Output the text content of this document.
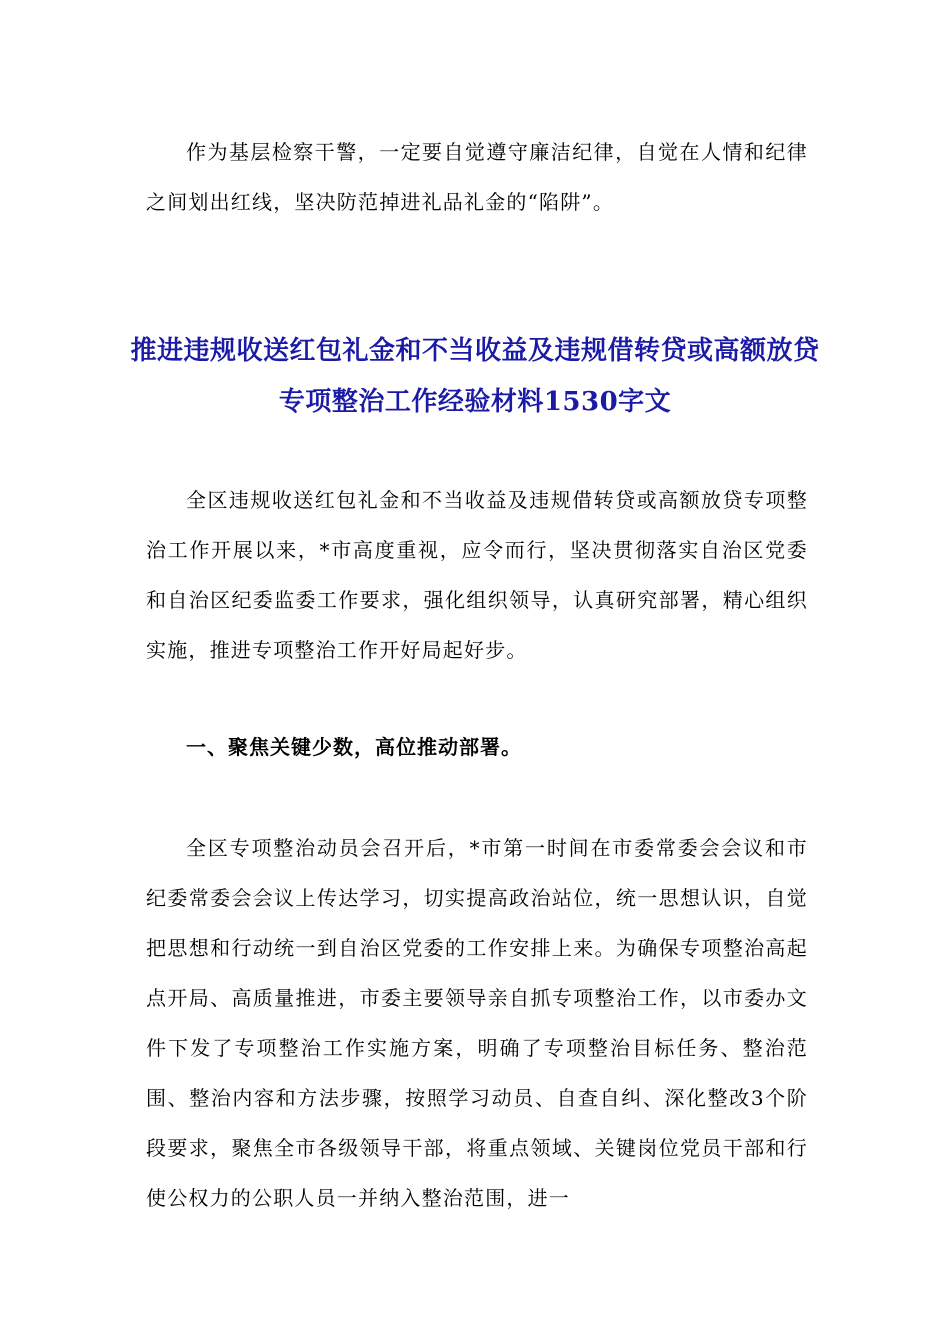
作为基层检察干警，一定要自觉遵守廉洁纪律，自觉在人情和纪律之间划出红线，坚决防范掉进礼品礼金的“陷阱”。

推进违规收送红包礼金和不当收益及违规借转贷或高额放贷专项整治工作经验材料1530字文

全区违规收送红包礼金和不当收益及违规借转贷或高额放贷专项整治工作开展以来，*市高度重视，应令而行，坚决贯彻落实自治区党委和自治区纪委监委工作要求，强化组织领导，认真研究部署，精心组织实施，推进专项整治工作开好局起好步。

一、聚焦关键少数，高位推动部署。

全区专项整治动员会召开后，*市第一时间在市委常委会会议和市纪委常委会会议上传达学习，切实提高政治站位，统一思想认识，自觉把思想和行动统一到自治区党委的工作安排上来。为确保专项整治高起点开局、高质量推进，市委主要领导亲自抓专项整治工作，以市委办文件下发了专项整治工作实施方案，明确了专项整治目标任务、整治范围、整治内容和方法步骤，按照学习动员、自查自纠、深化整改3个阶段要求，聚焦全市各级领导干部，将重点领域、关键岗位党员干部和行使公权力的公职人员一并纳入整治范围，进一
